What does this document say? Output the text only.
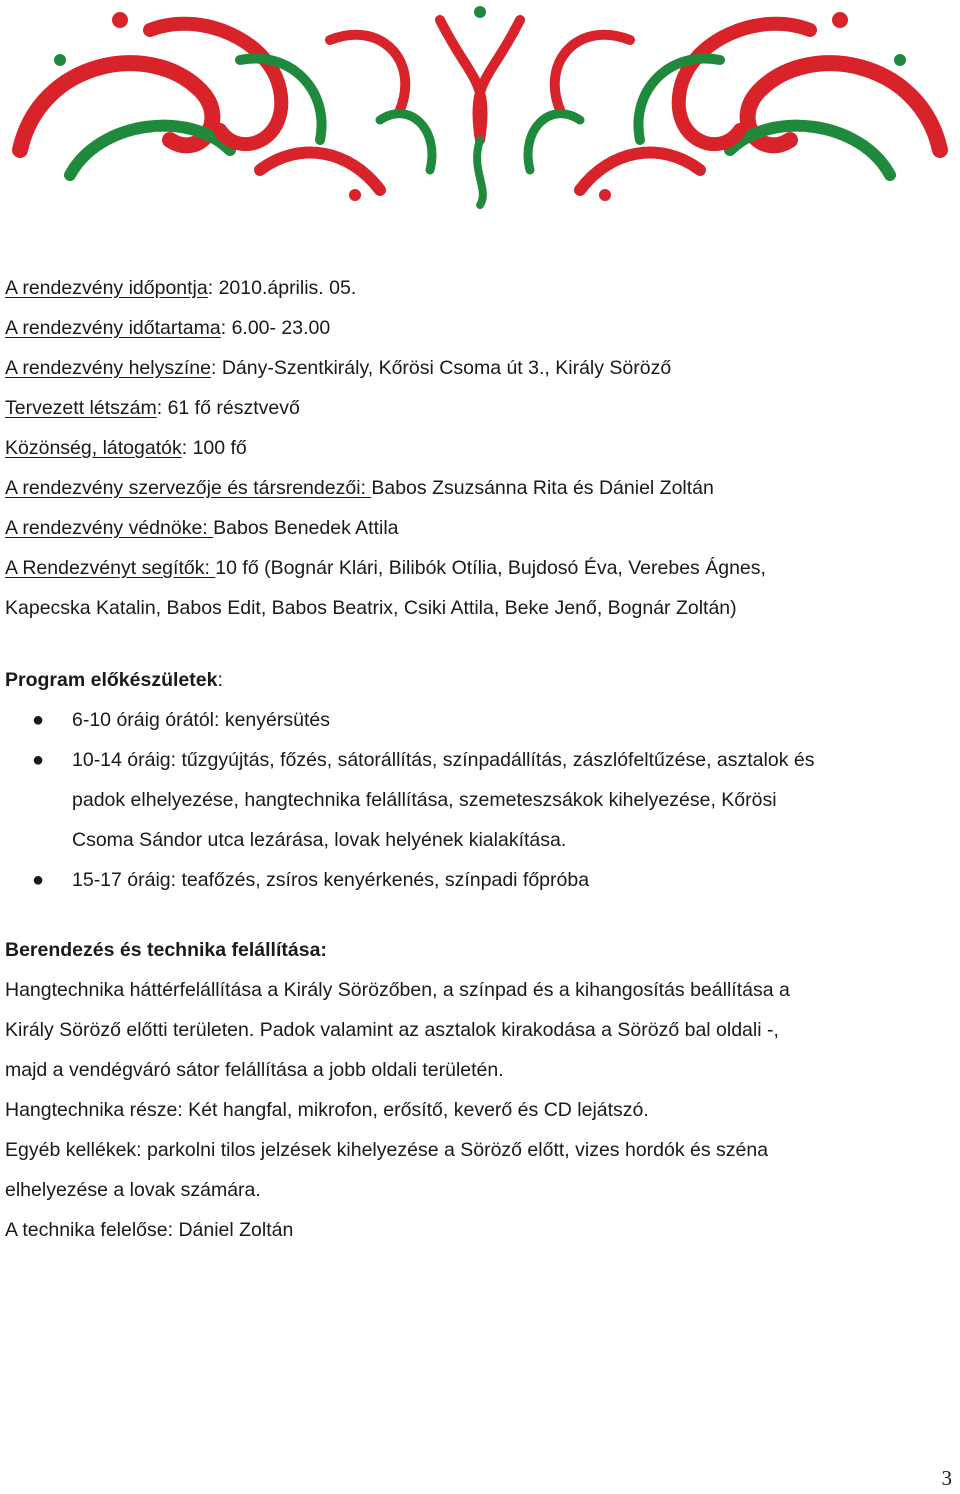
A rendezvény időpontja: 2010.április. 05.

A rendezvény időtartama: 6.00- 23.00

A rendezvény helyszíne: Dány-Szentkirály, Kőrösi Csoma út 3., Király Söröző

Tervezett létszám: 61 fő résztvevő

Közönség, látogatók: 100 fő

A rendezvény szervezője és társrendezői: Babos Zsuzsánna Rita és Dániel Zoltán

A rendezvény védnöke: Babos Benedek Attila

A Rendezvényt segítők: 10 fő (Bognár Klári, Bilibók Otília, Bujdosó Éva, Verebes Ágnes,

Kapecska Katalin, Babos Edit, Babos Beatrix, Csiki Attila, Beke Jenő, Bognár Zoltán)

Program előkészületek:

● 6-10 óráig órától: kenyérsütés
● 10-14 óráig: tűzgyújtás, főzés, sátorállítás, színpadállítás, zászlófeltűzése, asztalok és
padok elhelyezése, hangtechnika felállítása, szemeteszsákok kihelyezése, Kőrösi
Csoma Sándor utca lezárása, lovak helyének kialakítása.
● 15-17 óráig: teafőzés, zsíros kenyérkenés, színpadi főpróba

Berendezés és technika felállítása:

Hangtechnika háttérfelállítása a Király Sörözőben, a színpad és a kihangosítás beállítása a

Király Söröző előtti területen. Padok valamint az asztalok kirakodása a Söröző bal oldali -,

majd a vendégváró sátor felállítása a jobb oldali területén.

Hangtechnika része: Két hangfal, mikrofon, erősítő, keverő és CD lejátszó.

Egyéb kellékek: parkolni tilos jelzések kihelyezése a Söröző előtt, vizes hordók és széna

elhelyezése a lovak számára.

A technika felelőse: Dániel Zoltán

3
